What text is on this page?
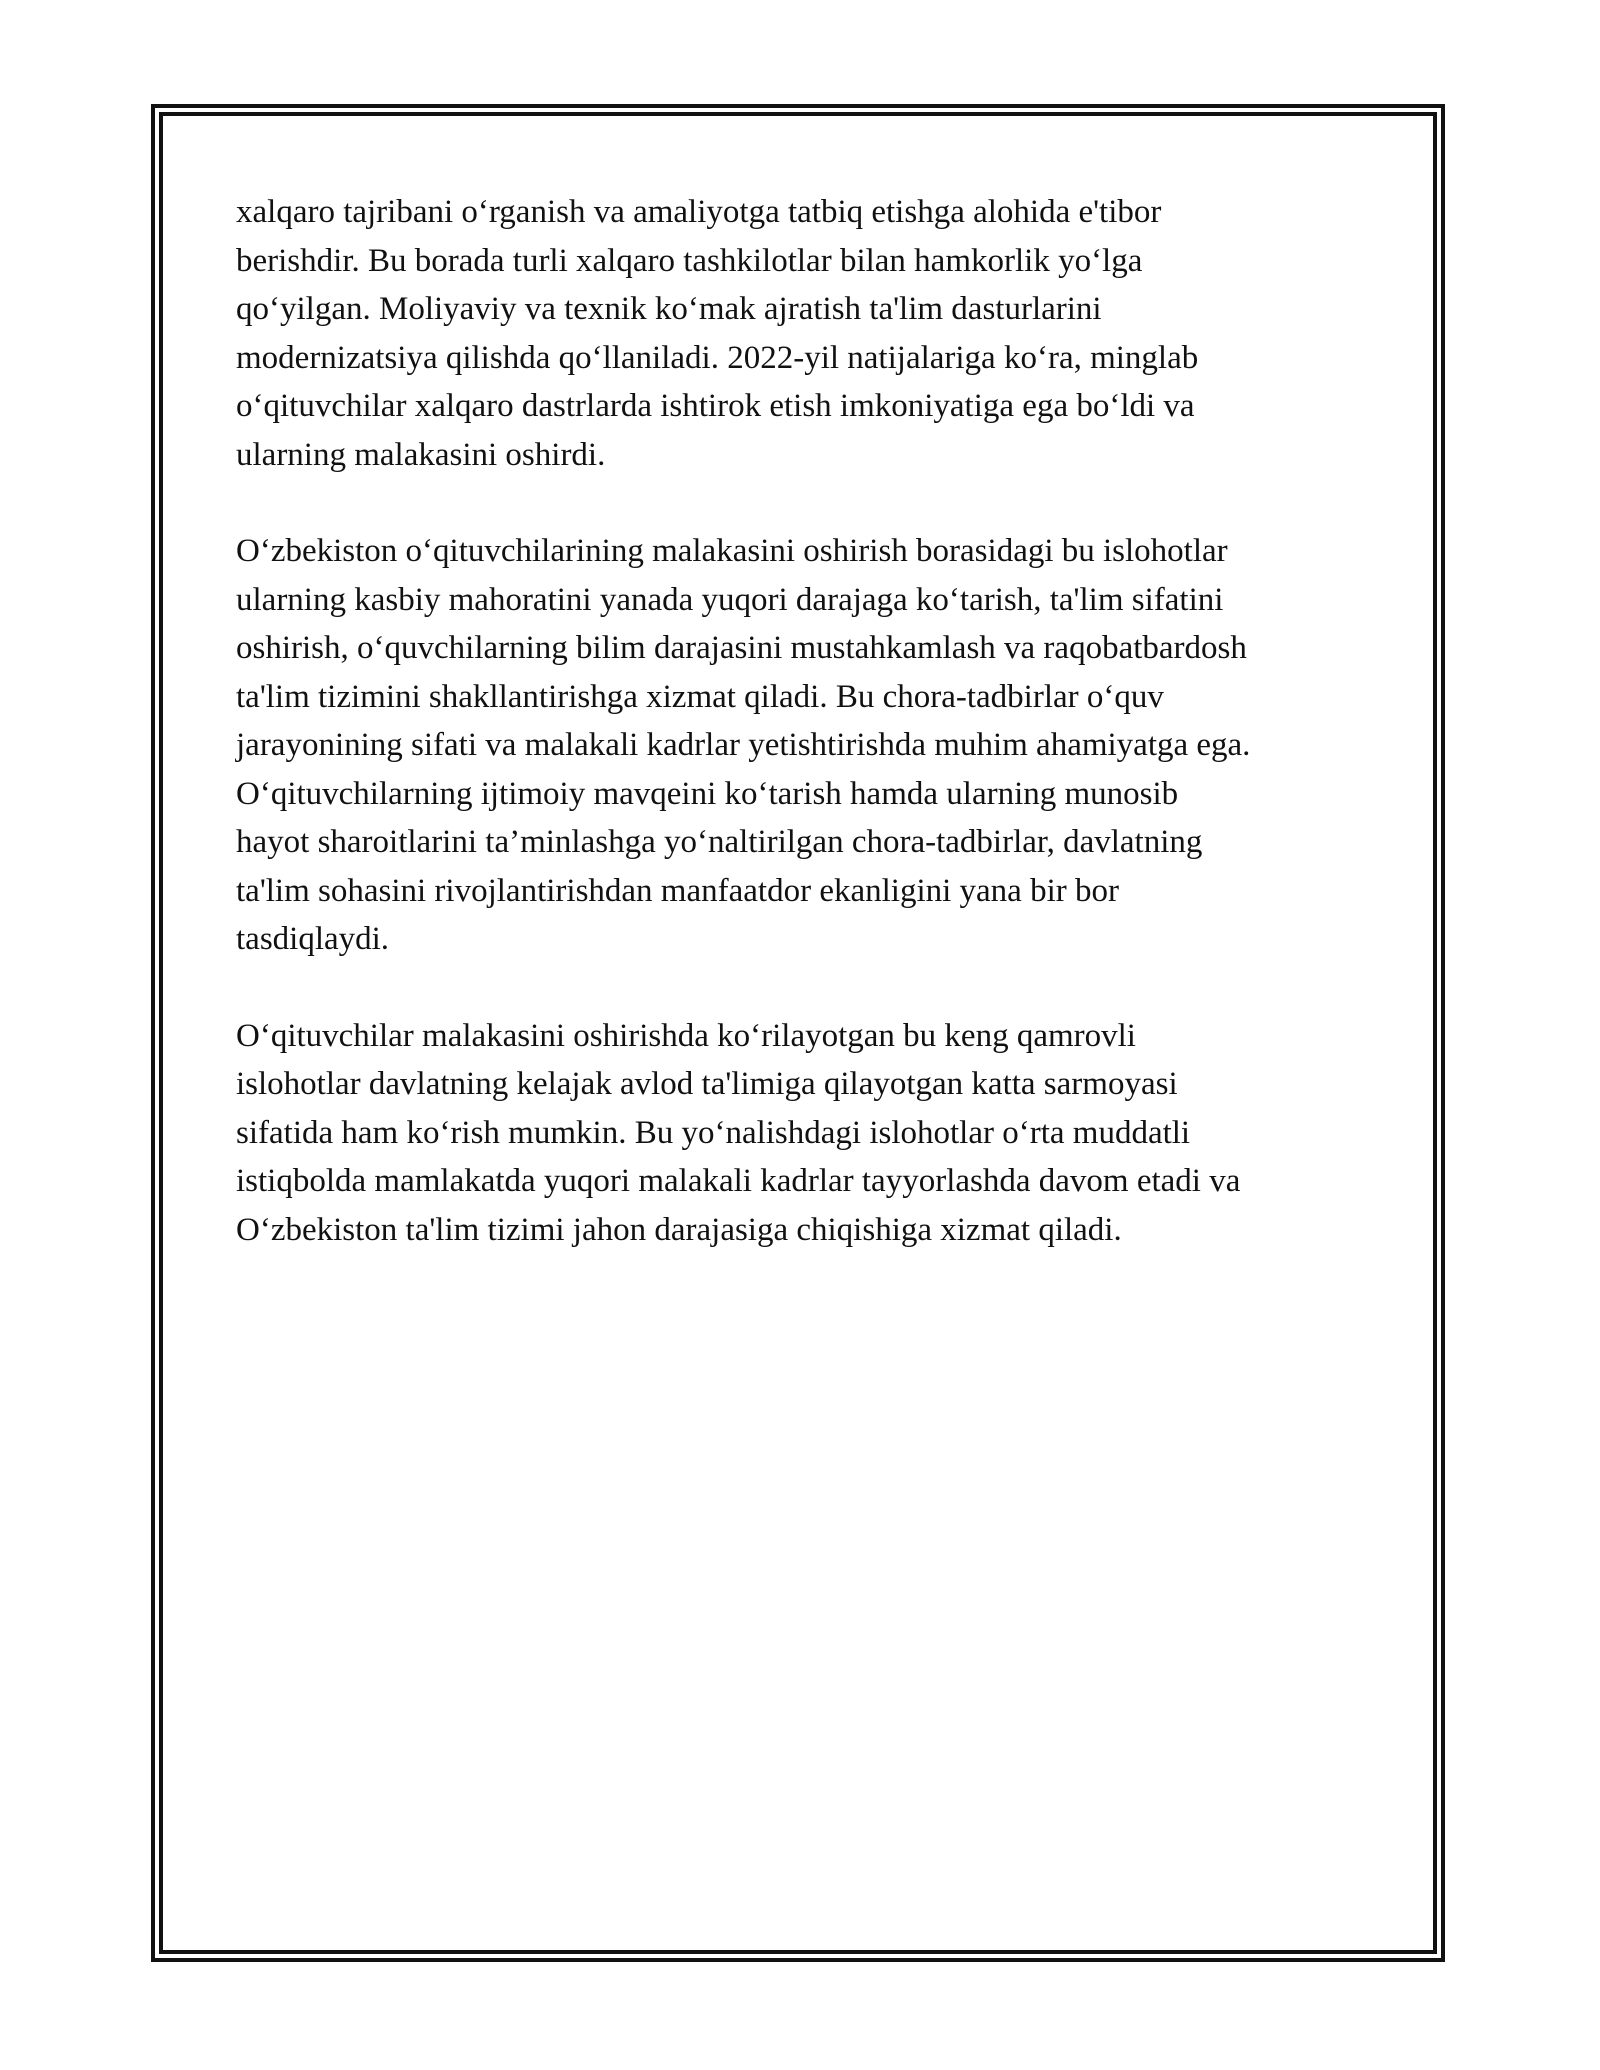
xalqaro tajribani o‘rganish va amaliyotga tatbiq etishga alohida e'tibor
berishdir. Bu borada turli xalqaro tashkilotlar bilan hamkorlik yo‘lga
qo‘yilgan. Moliyaviy va texnik ko‘mak ajratish ta'lim dasturlarini
modernizatsiya qilishda qo‘llaniladi. 2022-yil natijalariga ko‘ra, minglab
o‘qituvchilar xalqaro dastrlarda ishtirok etish imkoniyatiga ega bo‘ldi va
ularning malakasini oshirdi.

O‘zbekiston o‘qituvchilarining malakasini oshirish borasidagi bu islohotlar
ularning kasbiy mahoratini yanada yuqori darajaga ko‘tarish, ta'lim sifatini
oshirish, o‘quvchilarning bilim darajasini mustahkamlash va raqobatbardosh
ta'lim tizimini shakllantirishga xizmat qiladi. Bu chora-tadbirlar o‘quv
jarayonining sifati va malakali kadrlar yetishtirishda muhim ahamiyatga ega.
O‘qituvchilarning ijtimoiy mavqeini ko‘tarish hamda ularning munosib
hayot sharoitlarini ta’minlashga yo‘naltirilgan chora-tadbirlar, davlatning
ta'lim sohasini rivojlantirishdan manfaatdor ekanligini yana bir bor
tasdiqlaydi.

O‘qituvchilar malakasini oshirishda ko‘rilayotgan bu keng qamrovli
islohotlar davlatning kelajak avlod ta'limiga qilayotgan katta sarmoyasi
sifatida ham ko‘rish mumkin. Bu yo‘nalishdagi islohotlar o‘rta muddatli
istiqbolda mamlakatda yuqori malakali kadrlar tayyorlashda davom etadi va
O‘zbekiston ta'lim tizimi jahon darajasiga chiqishiga xizmat qiladi.
